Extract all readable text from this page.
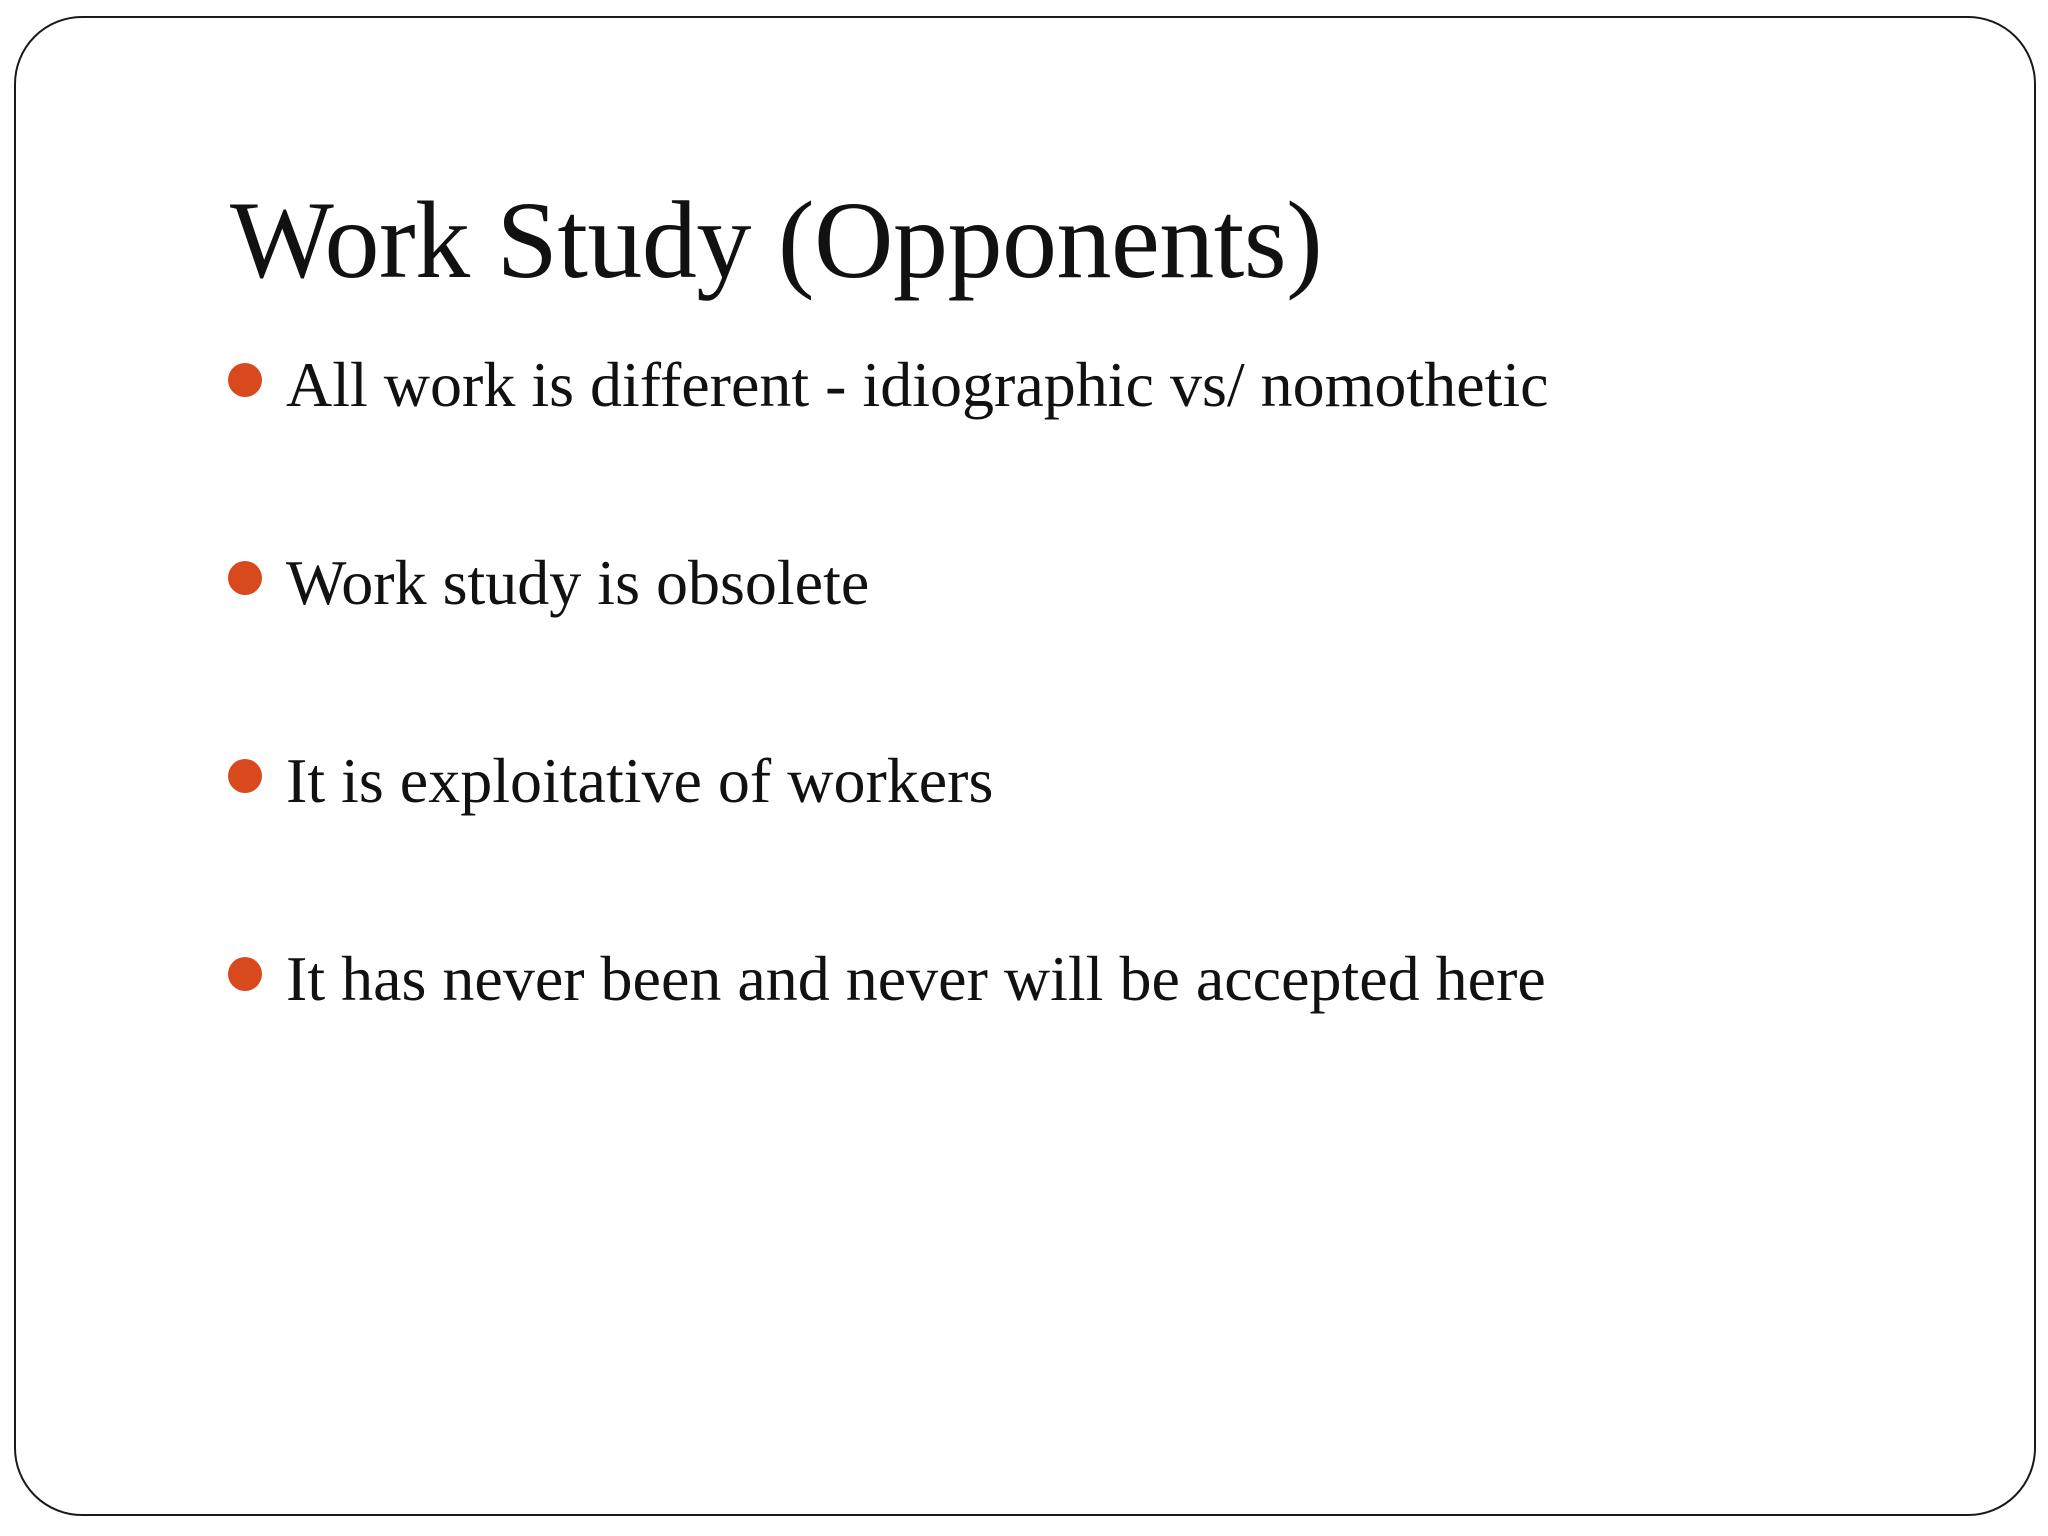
Work Study (Opponents)
All work is different - idiographic vs/ nomothetic
Work study is obsolete
It is exploitative of workers
It has never been and never will be accepted here
